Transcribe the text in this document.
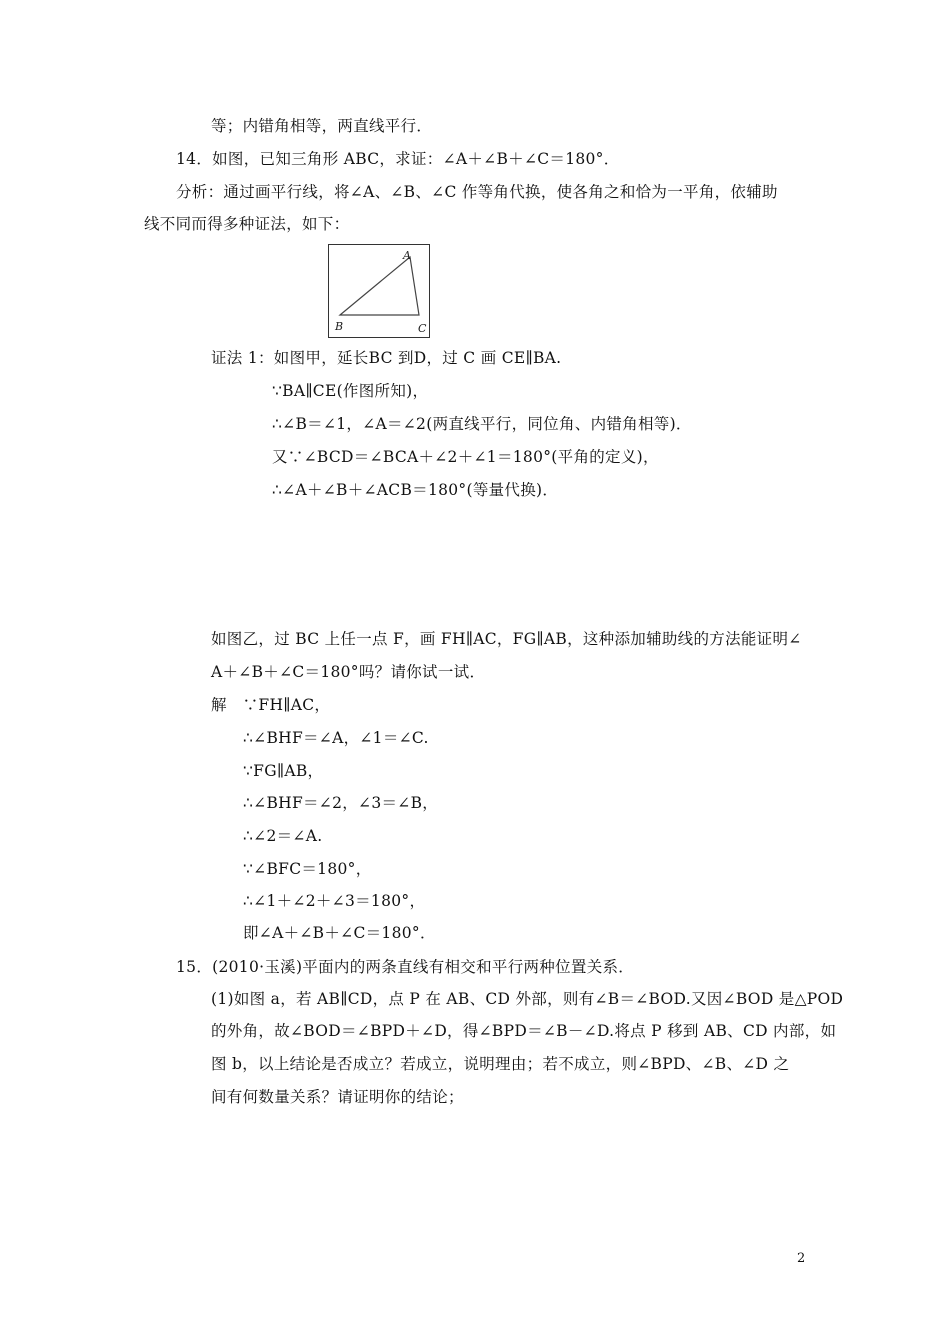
等；内错角相等，两直线平行．
14．如图，已知三角形 ABC，求证：∠A＋∠B＋∠C＝180°．
分析：通过画平行线，将∠A、∠B、∠C 作等角代换，使各角之和恰为一平角，依辅助
线不同而得多种证法，如下：
A
B	C
证法 1：如图甲，延长BC 到D，过 C 画 CE∥BA.
∵BA∥CE(作图所知)，
∴∠B＝∠1，∠A＝∠2(两直线平行，同位角、内错角相等)．
又∵∠BCD＝∠BCA＋∠2＋∠1＝180°(平角的定义)，
∴∠A＋∠B＋∠ACB＝180°(等量代换)．
如图乙，过 BC 上任一点 F，画 FH∥AC，FG∥AB，这种添加辅助线的方法能证明∠
A＋∠B＋∠C＝180°吗？请你试一试．
解　∵FH∥AC，
∴∠BHF＝∠A，∠1＝∠C.
∵FG∥AB，
∴∠BHF＝∠2，∠3＝∠B，
∴∠2＝∠A.
∵∠BFC＝180°，
∴∠1＋∠2＋∠3＝180°，
即∠A＋∠B＋∠C＝180°．
15．(2010·玉溪)平面内的两条直线有相交和平行两种位置关系．
(1)如图 a，若 AB∥CD，点 P 在 AB、CD 外部，则有∠B＝∠BOD.又因∠BOD 是△POD
的外角，故∠BOD＝∠BPD＋∠D，得∠BPD＝∠B－∠D.将点 P 移到 AB、CD 内部，如
图 b，以上结论是否成立？若成立，说明理由；若不成立，则∠BPD、∠B、∠D 之
间有何数量关系？请证明你的结论；
2
